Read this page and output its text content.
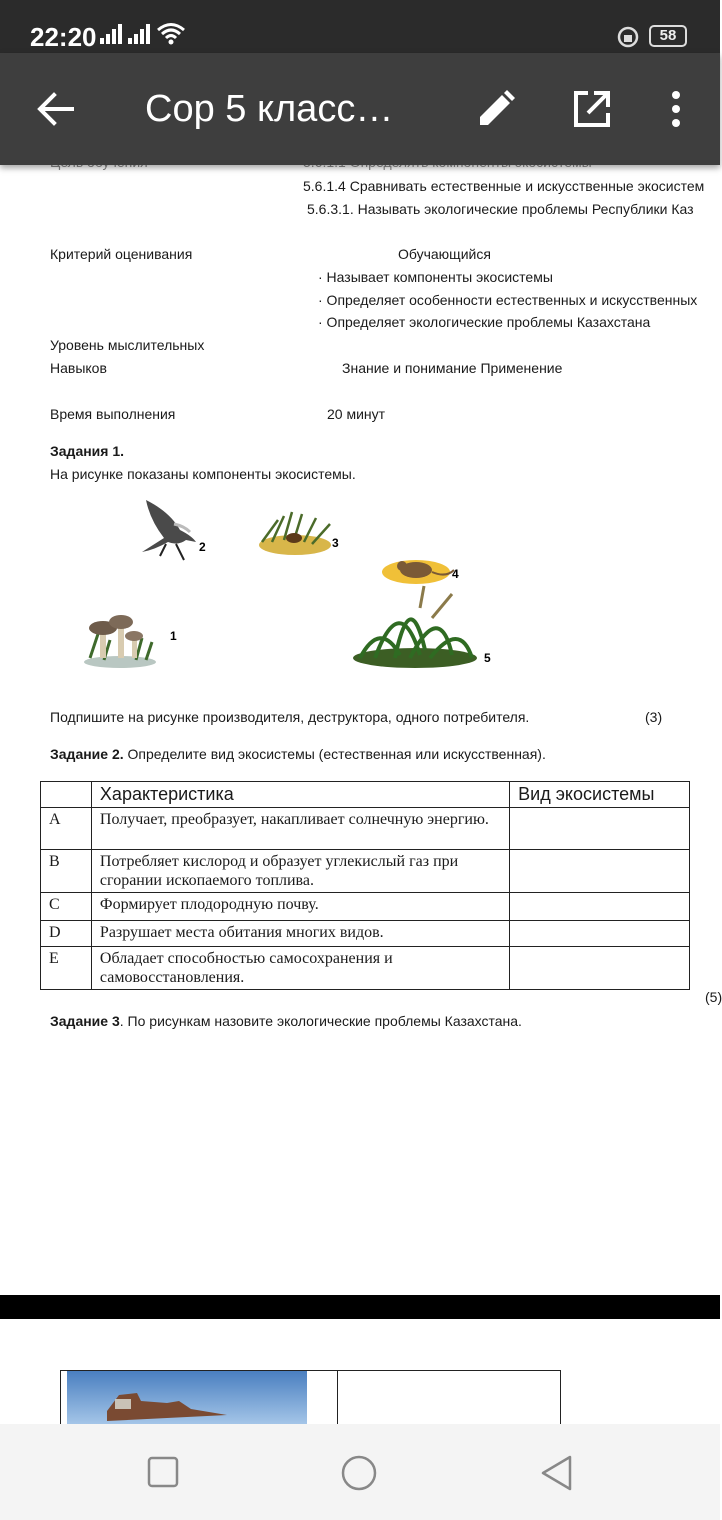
22:20	58
Сор 5 класс…
5.6.1.4 Сравнивать естественные и искусственные экосистем
5.6.3.1. Называть экологические проблемы Республики Каз
Критерий оценивания	Обучающийся
· Называет компоненты экосистемы
· Определяет особенности естественных и искусственных
· Определяет экологические проблемы Казахстана
Уровень мыслительных
Навыков	Знание и понимание Применение
Время выполнения	20 минут
Задания 1.
На рисунке показаны компоненты экосистемы.
2	3
4
1
5
Подпишите на рисунке производителя, деструктора, одного потребителя.	(3)
Задание 2. Определите вид экосистемы (естественная или искусственная).
	Характеристика	Вид экосистемы
A	Получает, преобразует, накапливает солнечную энергию.	
B	Потребляет кислород и образует углекислый газ при сгорании ископаемого топлива.	
C	Формирует плодородную почву.	
D	Разрушает места обитания многих видов.	
E	Обладает способностью самосохранения и самовосстановления.	
(5)
Задание 3. По рисункам назовите экологические проблемы Казахстана.
